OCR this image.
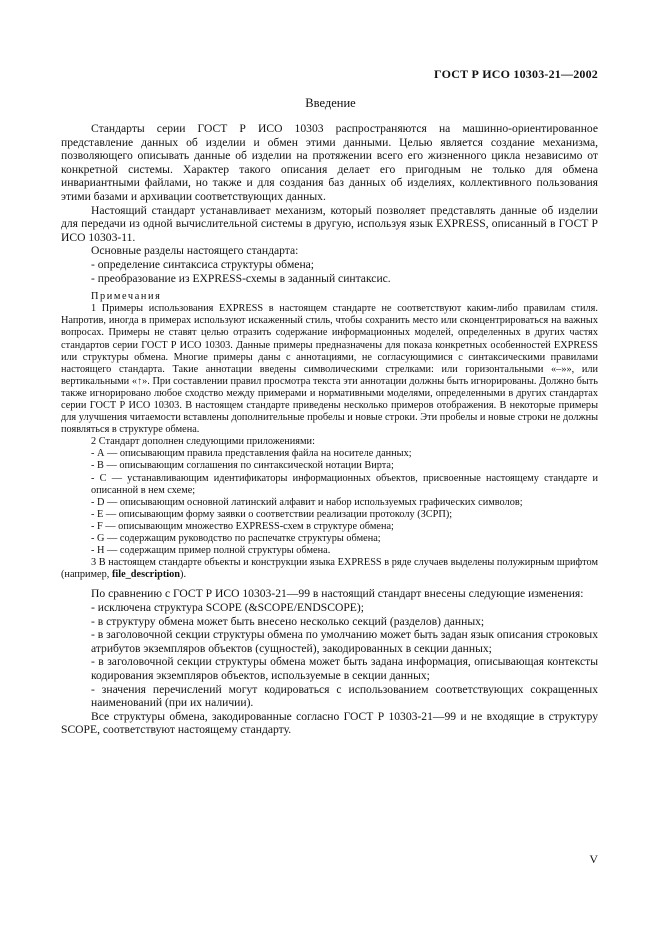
ГОСТ Р ИСО 10303-21—2002
Введение

Стандарты серии ГОСТ Р ИСО 10303 распространяются на машинно-ориентированное представление данных об изделии и обмен этими данными. Целью является создание механизма, позволяющего описывать данные об изделии на протяжении всего его жизненного цикла независимо от конкретной системы. Характер такого описания делает его пригодным не только для обмена инвариантными файлами, но также и для создания баз данных об изделиях, коллективного пользования этими базами и архивации соответствующих данных.

Настоящий стандарт устанавливает механизм, который позволяет представлять данные об изделии для передачи из одной вычислительной системы в другую, используя язык EXPRESS, описанный в ГОСТ Р ИСО 10303-11.

Основные разделы настоящего стандарта:

- определение синтаксиса структуры обмена;

- преобразование из EXPRESS-схемы в заданный синтаксис.

Примечания

1 Примеры использования EXPRESS в настоящем стандарте не соответствуют каким-либо правилам стиля. Напротив, иногда в примерах используют искаженный стиль, чтобы сохранить место или сконцентрироваться на важных вопросах. Примеры не ставят целью отразить содержание информационных моделей, определенных в других частях стандартов серии ГОСТ Р ИСО 10303. Данные примеры предназначены для показа конкретных особенностей EXPRESS или структуры обмена. Многие примеры даны с аннотациями, не согласующимися с синтаксическими правилами настоящего стандарта. Такие аннотации введены символическими стрелками: или горизонтальными «–»», или вертикальными «↑». При составлении правил просмотра текста эти аннотации должны быть игнорированы. Должно быть также игнорировано любое сходство между примерами и нормативными моделями, определенными в других стандартах серии ГОСТ Р ИСО 10303. В настоящем стандарте приведены несколько примеров отображения. В некоторые примеры для улучшения читаемости вставлены дополнительные пробелы и новые строки. Эти пробелы и новые строки не должны появляться в структуре обмена.

2 Стандарт дополнен следующими приложениями:

- А — описывающим правила представления файла на носителе данных;

- В — описывающим соглашения по синтаксической нотации Вирта;

- С — устанавливающим идентификаторы информационных объектов, присвоенные настоящему стандарте и описанной в нем схеме;

- D — описывающим основной латинский алфавит и набор используемых графических символов;

- Е — описывающим форму заявки о соответствии реализации протоколу (ЗСРП);

- F — описывающим множество EXPRESS-схем в структуре обмена;

- G — содержащим руководство по распечатке структуры обмена;

- Н — содержащим пример полной структуры обмена.

3 В настоящем стандарте объекты и конструкции языка EXPRESS в ряде случаев выделены полужирным шрифтом (например, file_description).

По сравнению с ГОСТ Р ИСО 10303-21—99 в настоящий стандарт внесены следующие изменения:

- исключена структура SCOPE (&SCOPE/ENDSCOPE);

- в структуру обмена может быть внесено несколько секций (разделов) данных;

- в заголовочной секции структуры обмена по умолчанию может быть задан язык описания строковых атрибутов экземпляров объектов (сущностей), закодированных в секции данных;

- в заголовочной секции структуры обмена может быть задана информация, описывающая контексты кодирования экземпляров объектов, используемые в секции данных;

- значения перечислений могут кодироваться с использованием соответствующих сокращенных наименований (при их наличии).

Все структуры обмена, закодированные согласно ГОСТ Р 10303-21—99 и не входящие в структуру SCOPE, соответствуют настоящему стандарту.

V
